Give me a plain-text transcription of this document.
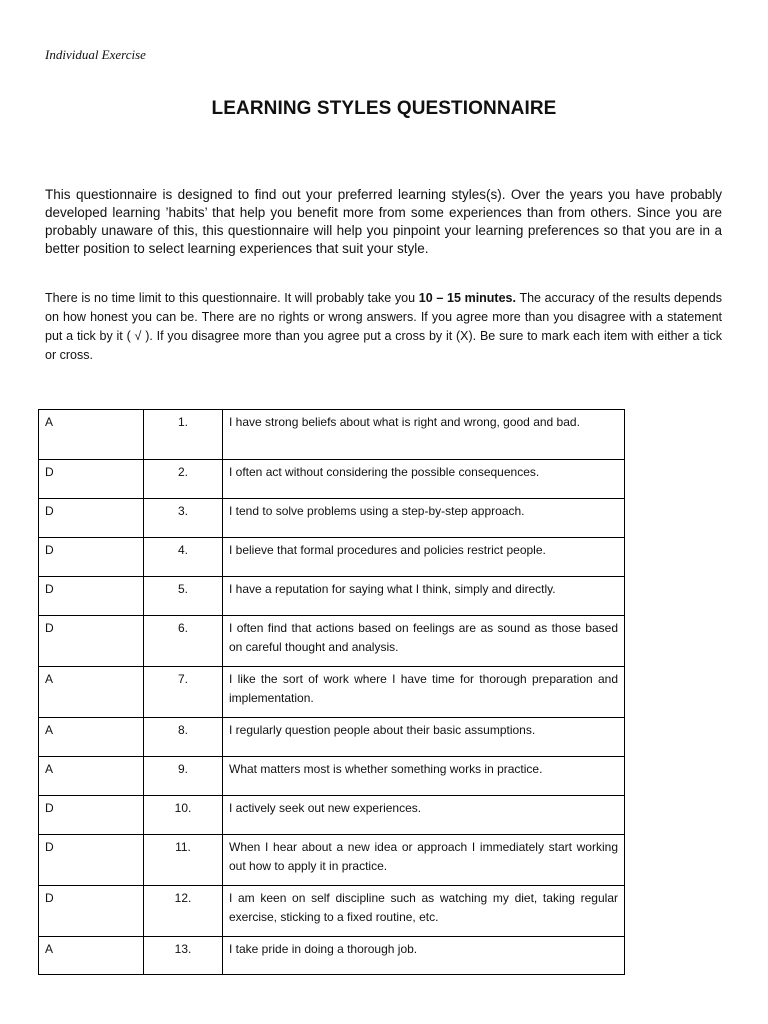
Individual Exercise
LEARNING STYLES QUESTIONNAIRE
This questionnaire is designed to find out your preferred learning styles(s). Over the years you have probably developed learning ’habits’ that help you benefit more from some experiences than from others. Since you are probably unaware of this, this questionnaire will help you pinpoint your learning preferences so that you are in a better position to select learning experiences that suit your style.
There is no time limit to this questionnaire. It will probably take you 10 – 15 minutes. The accuracy of the results depends on how honest you can be. There are no rights or wrong answers. If you agree more than you disagree with a statement put a tick by it ( √ ). If you disagree more than you agree put a cross by it (X). Be sure to mark each item with either a tick or cross.
A	1.	I have strong beliefs about what is right and wrong, good and bad.
D	2.	I often act without considering the possible consequences.
D	3.	I tend to solve problems using a step-by-step approach.
D	4.	I believe that formal procedures and policies restrict people.
D	5.	I have a reputation for saying what I think, simply and directly.
D	6.	I often find that actions based on feelings are as sound as those based on careful thought and analysis.
A	7.	I like the sort of work where I have time for thorough preparation and implementation.
A	8.	I regularly question people about their basic assumptions.
A	9.	What matters most is whether something works in practice.
D	10.	I actively seek out new experiences.
D	11.	When I hear about a new idea or approach I immediately start working out how to apply it in practice.
D	12.	I am keen on self discipline such as watching my diet, taking regular exercise, sticking to a fixed routine, etc.
A	13.	I take pride in doing a thorough job.
